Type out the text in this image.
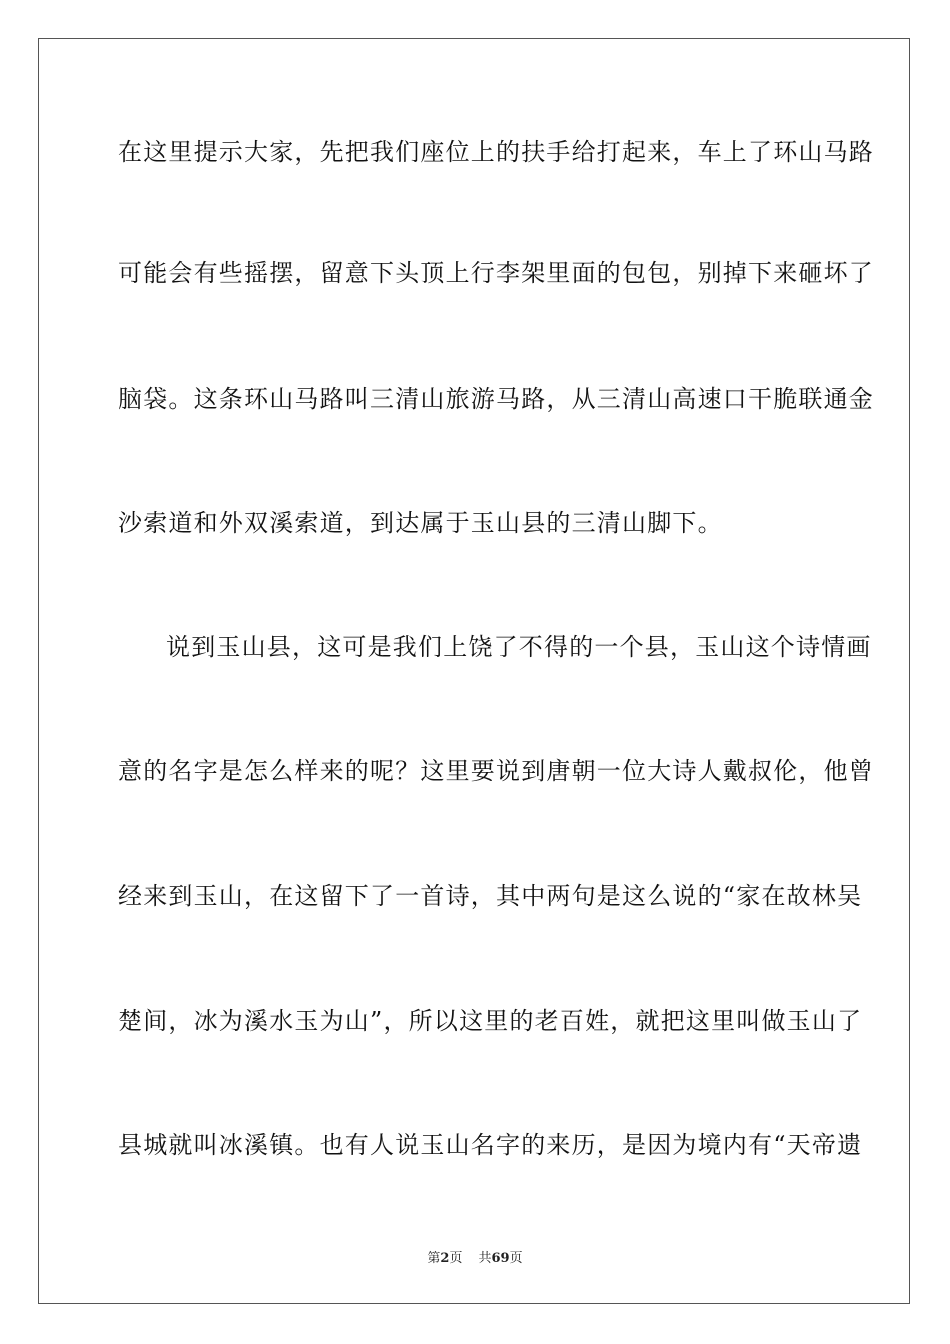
在这里提示大家，先把我们座位上的扶手给打起来，车上了环山马路
可能会有些摇摆，留意下头顶上行李架里面的包包，别掉下来砸坏了
脑袋。这条环山马路叫三清山旅游马路，从三清山高速口干脆联通金
沙索道和外双溪索道，到达属于玉山县的三清山脚下。
说到玉山县，这可是我们上饶了不得的一个县，玉山这个诗情画
意的名字是怎么样来的呢？这里要说到唐朝一位大诗人戴叔伦，他曾
经来到玉山，在这留下了一首诗，其中两句是这么说的“家在故林吴
楚间，冰为溪水玉为山”，所以这里的老百姓，就把这里叫做玉山了
县城就叫冰溪镇。也有人说玉山名字的来历，是因为境内有“天帝遗
第2页 共69页
